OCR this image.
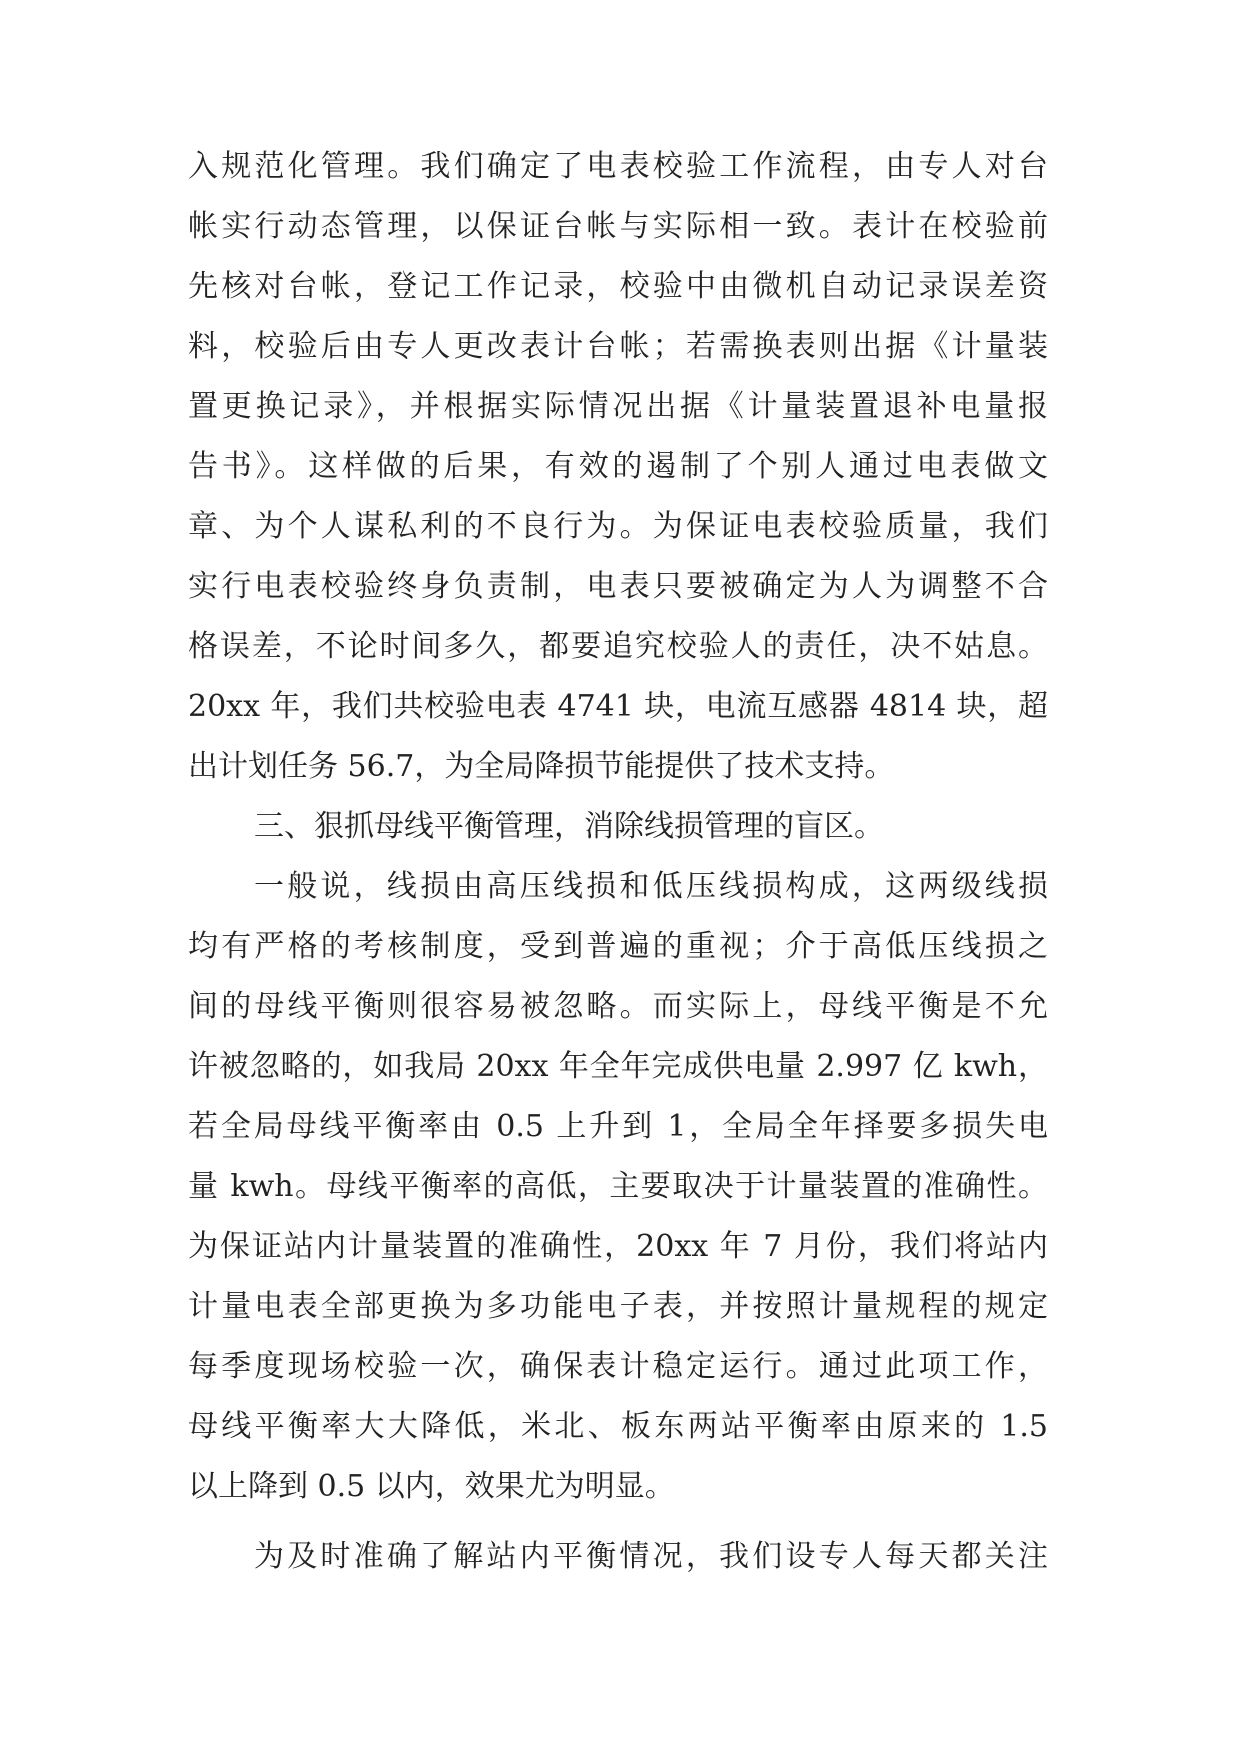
入规范化管理。我们确定了电表校验工作流程，由专人对台
帐实行动态管理，以保证台帐与实际相一致。表计在校验前
先核对台帐，登记工作记录，校验中由微机自动记录误差资
料，校验后由专人更改表计台帐；若需换表则出据《计量装
置更换记录》，并根据实际情况出据《计量装置退补电量报
告书》。这样做的后果，有效的遏制了个别人通过电表做文
章、为个人谋私利的不良行为。为保证电表校验质量，我们
实行电表校验终身负责制，电表只要被确定为人为调整不合
格误差，不论时间多久，都要追究校验人的责任，决不姑息。
20xx 年，我们共校验电表 4741 块，电流互感器 4814 块，超
出计划任务 56.7，为全局降损节能提供了技术支持。
三、狠抓母线平衡管理，消除线损管理的盲区。
一般说，线损由高压线损和低压线损构成，这两级线损
均有严格的考核制度，受到普遍的重视；介于高低压线损之
间的母线平衡则很容易被忽略。而实际上，母线平衡是不允
许被忽略的，如我局 20xx 年全年完成供电量 2.997 亿 kwh，
若全局母线平衡率由 0.5 上升到 1，全局全年择要多损失电
量 kwh。母线平衡率的高低，主要取决于计量装置的准确性。
为保证站内计量装置的准确性，20xx 年 7 月份，我们将站内
计量电表全部更换为多功能电子表，并按照计量规程的规定
每季度现场校验一次，确保表计稳定运行。通过此项工作，
母线平衡率大大降低，米北、板东两站平衡率由原来的 1.5
以上降到 0.5 以内，效果尤为明显。
为及时准确了解站内平衡情况，我们设专人每天都关注
